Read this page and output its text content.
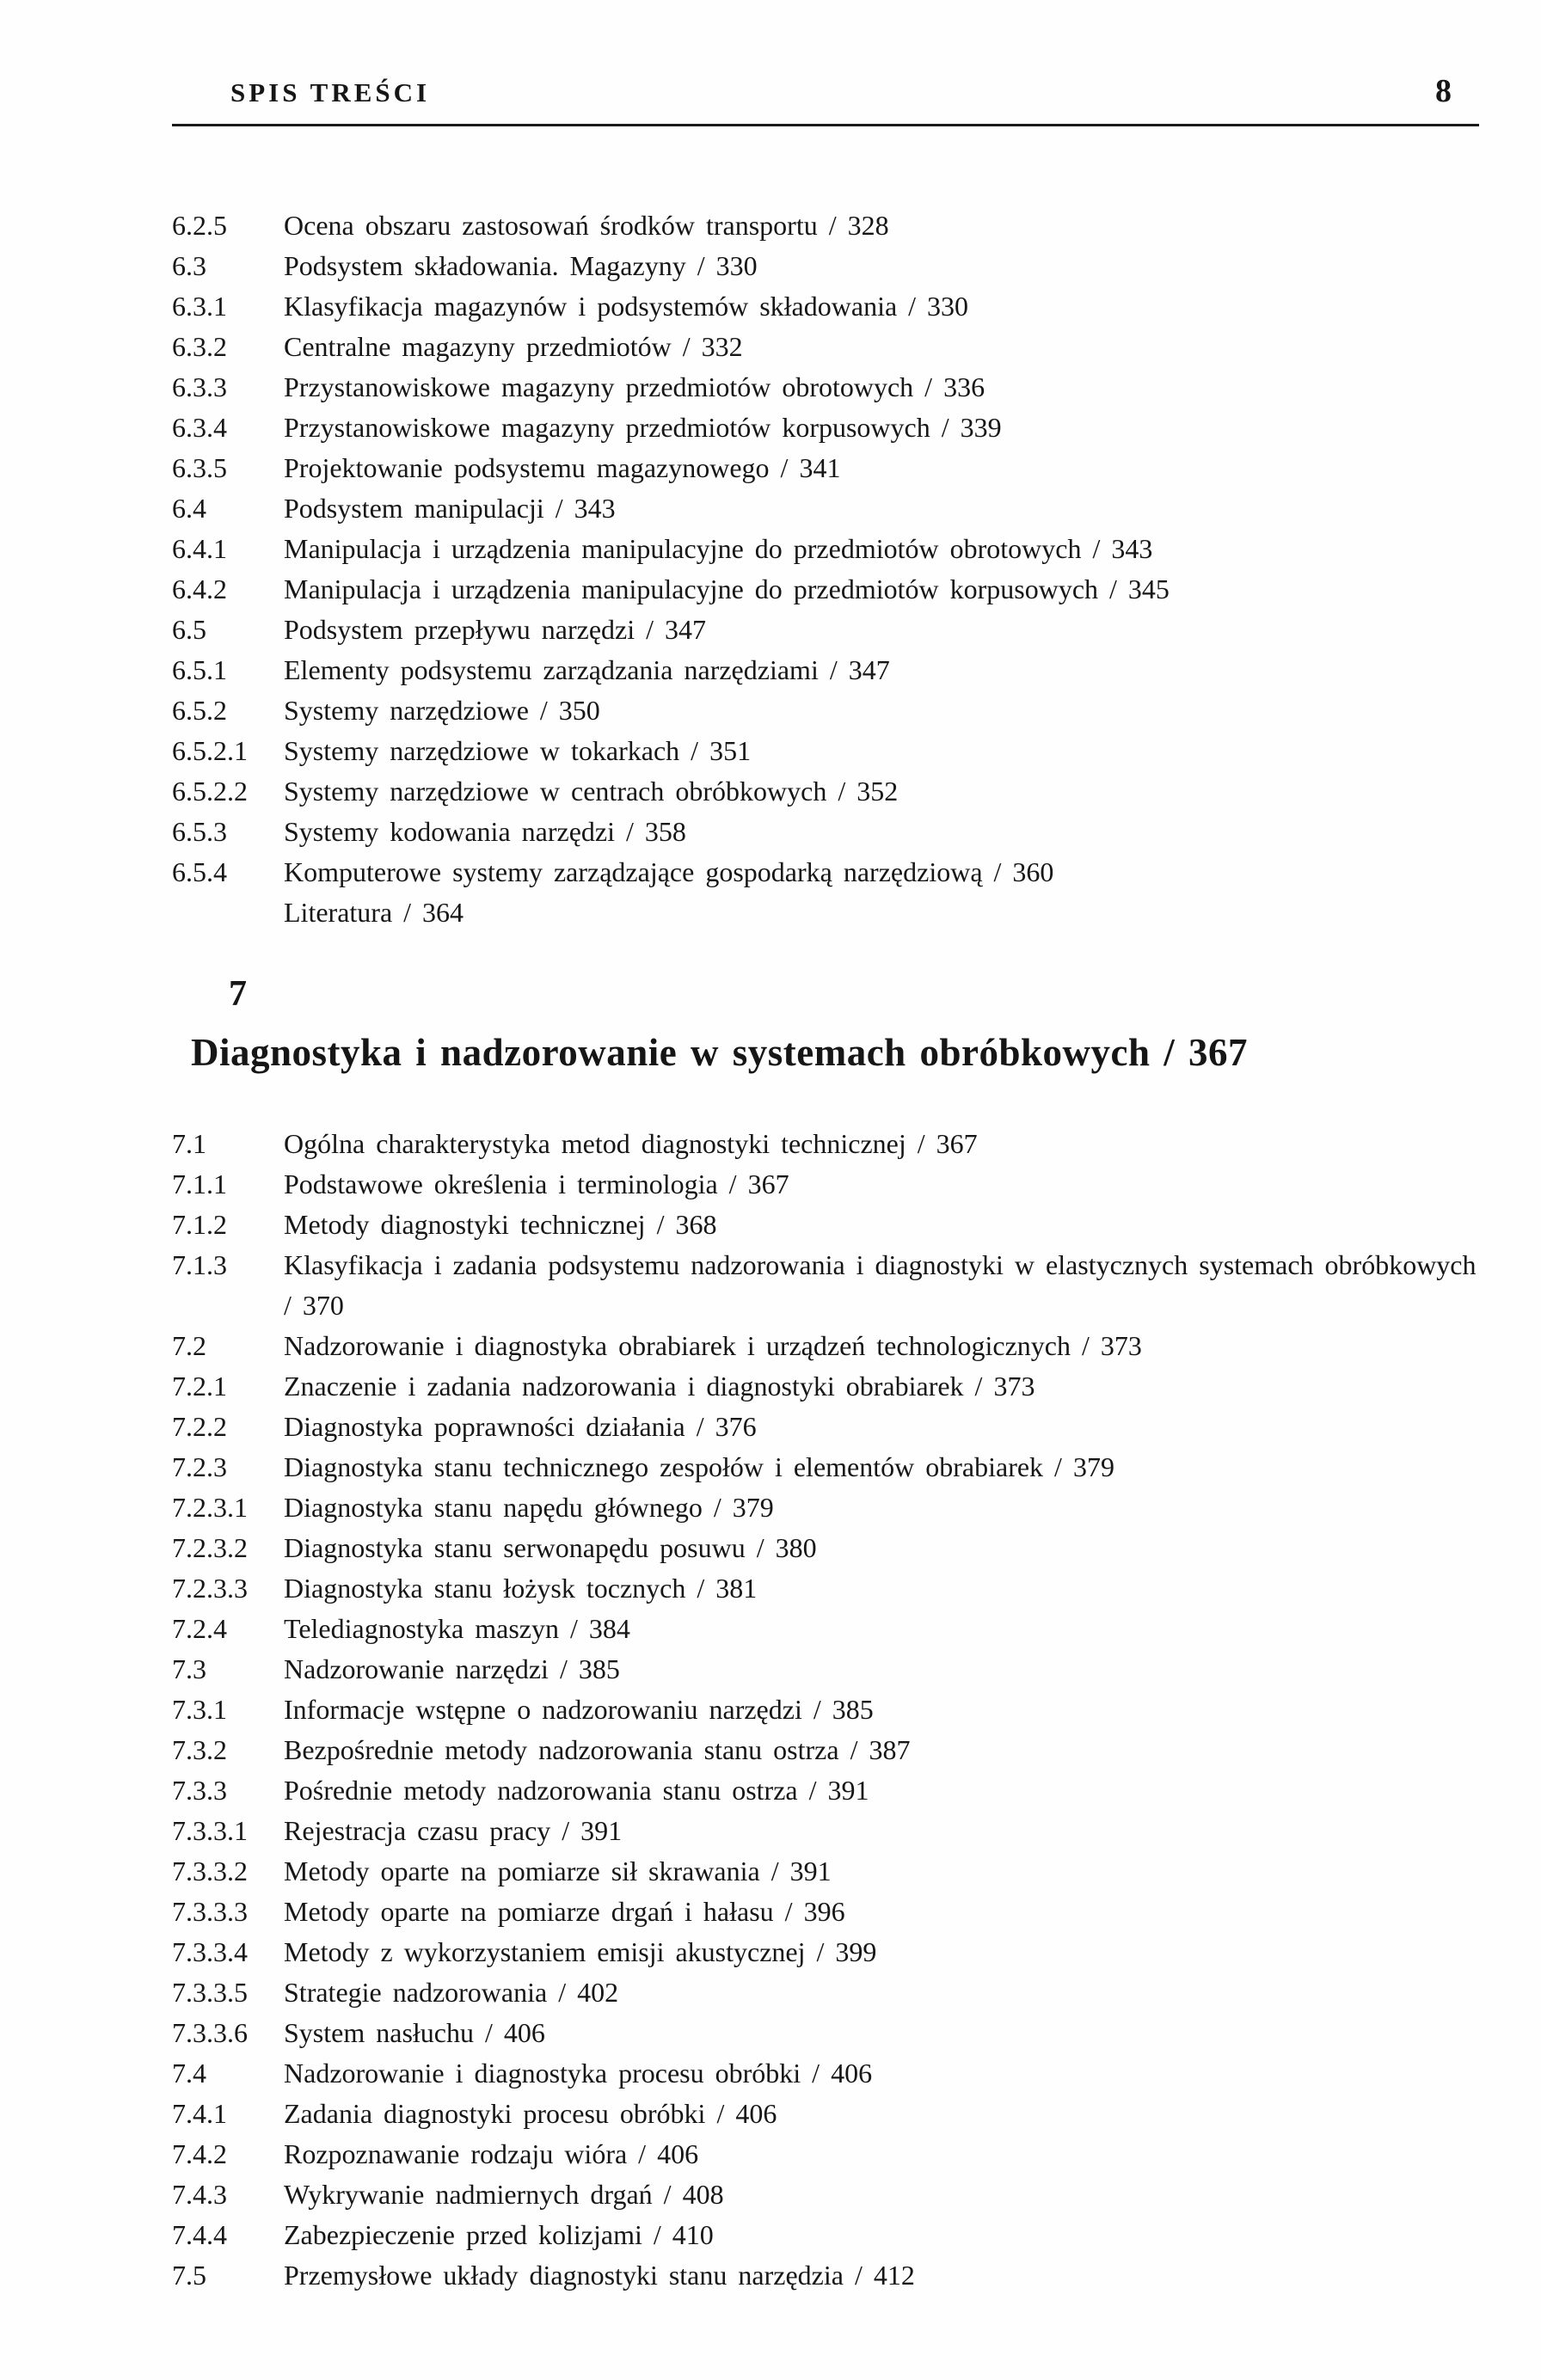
SPIS TREŚCI	8
6.2.5	Ocena obszaru zastosowań środków transportu / 328
6.3	Podsystem składowania. Magazyny / 330
6.3.1	Klasyfikacja magazynów i podsystemów składowania / 330
6.3.2	Centralne magazyny przedmiotów / 332
6.3.3	Przystanowiskowe magazyny przedmiotów obrotowych / 336
6.3.4	Przystanowiskowe magazyny przedmiotów korpusowych / 339
6.3.5	Projektowanie podsystemu magazynowego / 341
6.4	Podsystem manipulacji / 343
6.4.1	Manipulacja i urządzenia manipulacyjne do przedmiotów obrotowych / 343
6.4.2	Manipulacja i urządzenia manipulacyjne do przedmiotów korpusowych / 345
6.5	Podsystem przepływu narzędzi / 347
6.5.1	Elementy podsystemu zarządzania narzędziami / 347
6.5.2	Systemy narzędziowe / 350
6.5.2.1	Systemy narzędziowe w tokarkach / 351
6.5.2.2	Systemy narzędziowe w centrach obróbkowych / 352
6.5.3	Systemy kodowania narzędzi / 358
6.5.4	Komputerowe systemy zarządzające gospodarką narzędziową / 360
Literatura / 364
7
Diagnostyka i nadzorowanie w systemach obróbkowych / 367
7.1	Ogólna charakterystyka metod diagnostyki technicznej / 367
7.1.1	Podstawowe określenia i terminologia / 367
7.1.2	Metody diagnostyki technicznej / 368
7.1.3	Klasyfikacja i zadania podsystemu nadzorowania i diagnostyki w elastycznych systemach obróbkowych / 370
7.2	Nadzorowanie i diagnostyka obrabiarek i urządzeń technologicznych / 373
7.2.1	Znaczenie i zadania nadzorowania i diagnostyki obrabiarek / 373
7.2.2	Diagnostyka poprawności działania / 376
7.2.3	Diagnostyka stanu technicznego zespołów i elementów obrabiarek / 379
7.2.3.1	Diagnostyka stanu napędu głównego / 379
7.2.3.2	Diagnostyka stanu serwonapędu posuwu / 380
7.2.3.3	Diagnostyka stanu łożysk tocznych / 381
7.2.4	Telediagnostyka maszyn / 384
7.3	Nadzorowanie narzędzi / 385
7.3.1	Informacje wstępne o nadzorowaniu narzędzi / 385
7.3.2	Bezpośrednie metody nadzorowania stanu ostrza / 387
7.3.3	Pośrednie metody nadzorowania stanu ostrza / 391
7.3.3.1	Rejestracja czasu pracy / 391
7.3.3.2	Metody oparte na pomiarze sił skrawania / 391
7.3.3.3	Metody oparte na pomiarze drgań i hałasu / 396
7.3.3.4	Metody z wykorzystaniem emisji akustycznej / 399
7.3.3.5	Strategie nadzorowania / 402
7.3.3.6	System nasłuchu / 406
7.4	Nadzorowanie i diagnostyka procesu obróbki / 406
7.4.1	Zadania diagnostyki procesu obróbki / 406
7.4.2	Rozpoznawanie rodzaju wióra / 406
7.4.3	Wykrywanie nadmiernych drgań / 408
7.4.4	Zabezpieczenie przed kolizjami / 410
7.5	Przemysłowe układy diagnostyki stanu narzędzia / 412
